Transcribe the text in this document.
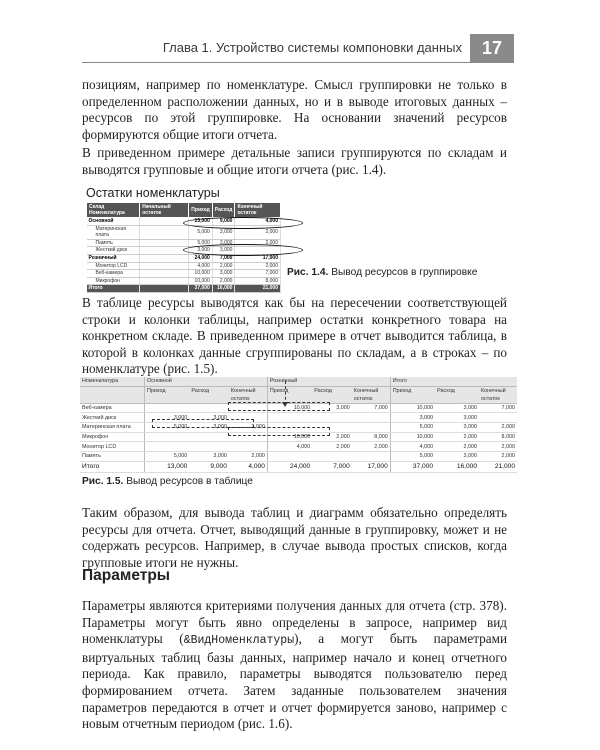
Глава 1. Устройство системы компоновки данных	17

позициям, например по номенклатуре. Смысл группировки не только в определенном расположении данных, но и в выводе итоговых данных – ресурсов по этой группировке. На основании значений ресурсов формируются общие итоги отчета.

В приведенном примере детальные записи группируются по складам и выводятся групповые и общие итоги отчета (рис. 1.4).

Остатки номенклатуры

Склад
Номенклатура	Начальный остаток	Приход	Расход	Конечный остаток
Основной		13,000	9,000	4,000
Материнская плата		5,000	3,000	2,000
Память		5,000	3,000	2,000
Жесткий диск		3,000	3,000	
Розничный		24,000	7,000	17,000
Монитор LCD		4,000	2,000	2,000
Веб-камера		10,000	3,000	7,000
Микрофон		10,000	2,000	8,000
Итого		37,000	16,000	21,000

Рис. 1.4. Вывод ресурсов в группировке

В таблице ресурсы выводятся как бы на пересечении соответствующей строки и колонки таблицы, например остатки конкретного товара на конкретном складе. В приведенном примере в отчет выводится таблица, в которой в колонках данные сгруппированы по складам, а в строках – по номенклатуре (рис. 1.5).

Номенклатура	Основной			Розничный			Итого		
	Приход	Расход	Конечный остаток	Приход	Расход	Конечный остаток	Приход	Расход	Конечный остаток
Веб-камера				10,000	3,000	7,000	10,000	3,000	7,000
Жесткий диск	3,000	3,000					3,000	3,000	
Материнская плата	5,000	3,000	2,000				5,000	3,000	2,000
Микрофон				10,000	2,000	8,000	10,000	2,000	8,000
Монитор LCD				4,000	2,000	2,000	4,000	2,000	2,000
Память	5,000	3,000	2,000				5,000	3,000	2,000
Итого	13,000	9,000	4,000	24,000	7,000	17,000	37,000	16,000	21,000

Рис. 1.5. Вывод ресурсов в таблице

Таким образом, для вывода таблиц и диаграмм обязательно определять ресурсы для отчета. Отчет, выводящий данные в группировку, может и не содержать ресурсов. Например, в случае вывода простых списков, когда групповые итоги не нужны.

Параметры

Параметры являются критериями получения данных для отчета (стр. 378). Параметры могут быть явно определены в запросе, например вид номенклатуры (&ВидНоменклатуры), а могут быть параметрами виртуальных таблиц базы данных, например начало и конец отчетного периода. Как правило, параметры выводятся пользователю перед формированием отчета. Затем заданные пользователем значения параметров передаются в отчет и отчет формируется заново, например с новым отчетным периодом (рис. 1.6).
